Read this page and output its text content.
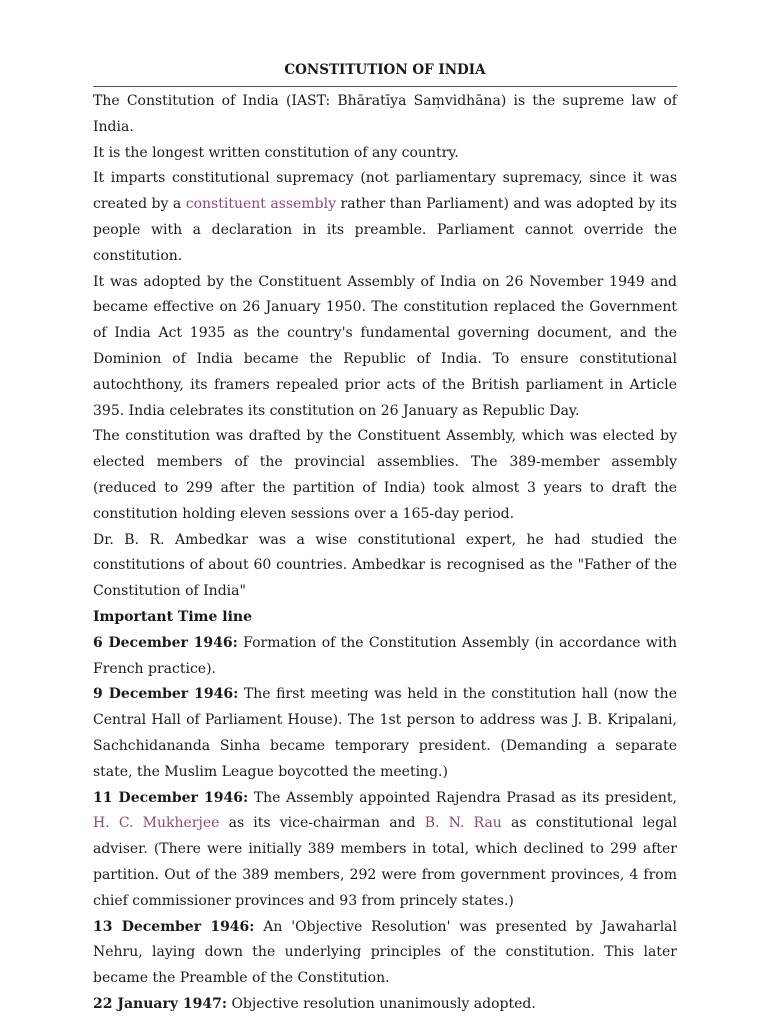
CONSTITUTION OF INDIA

The Constitution of India (IAST: Bhāratīya Saṃvidhāna) is the supreme law of India.

It is the longest written constitution of any country.

It imparts constitutional supremacy (not parliamentary supremacy, since it was created by a constituent assembly rather than Parliament) and was adopted by its people with a declaration in its preamble. Parliament cannot override the constitution.

It was adopted by the Constituent Assembly of India on 26 November 1949 and became effective on 26 January 1950. The constitution replaced the Government of India Act 1935 as the country's fundamental governing document, and the Dominion of India became the Republic of India. To ensure constitutional autochthony, its framers repealed prior acts of the British parliament in Article 395. India celebrates its constitution on 26 January as Republic Day.

The constitution was drafted by the Constituent Assembly, which was elected by elected members of the provincial assemblies. The 389-member assembly (reduced to 299 after the partition of India) took almost 3 years to draft the constitution holding eleven sessions over a 165-day period.

Dr. B. R. Ambedkar was a wise constitutional expert, he had studied the constitutions of about 60 countries. Ambedkar is recognised as the "Father of the Constitution of India"

Important Time line

6 December 1946: Formation of the Constitution Assembly (in accordance with French practice).

9 December 1946: The first meeting was held in the constitution hall (now the Central Hall of Parliament House). The 1st person to address was J. B. Kripalani, Sachchidananda Sinha became temporary president. (Demanding a separate state, the Muslim League boycotted the meeting.)

11 December 1946: The Assembly appointed Rajendra Prasad as its president, H. C. Mukherjee as its vice-chairman and B. N. Rau as constitutional legal adviser. (There were initially 389 members in total, which declined to 299 after partition. Out of the 389 members, 292 were from government provinces, 4 from chief commissioner provinces and 93 from princely states.)

13 December 1946: An 'Objective Resolution' was presented by Jawaharlal Nehru, laying down the underlying principles of the constitution. This later became the Preamble of the Constitution.

22 January 1947: Objective resolution unanimously adopted.
